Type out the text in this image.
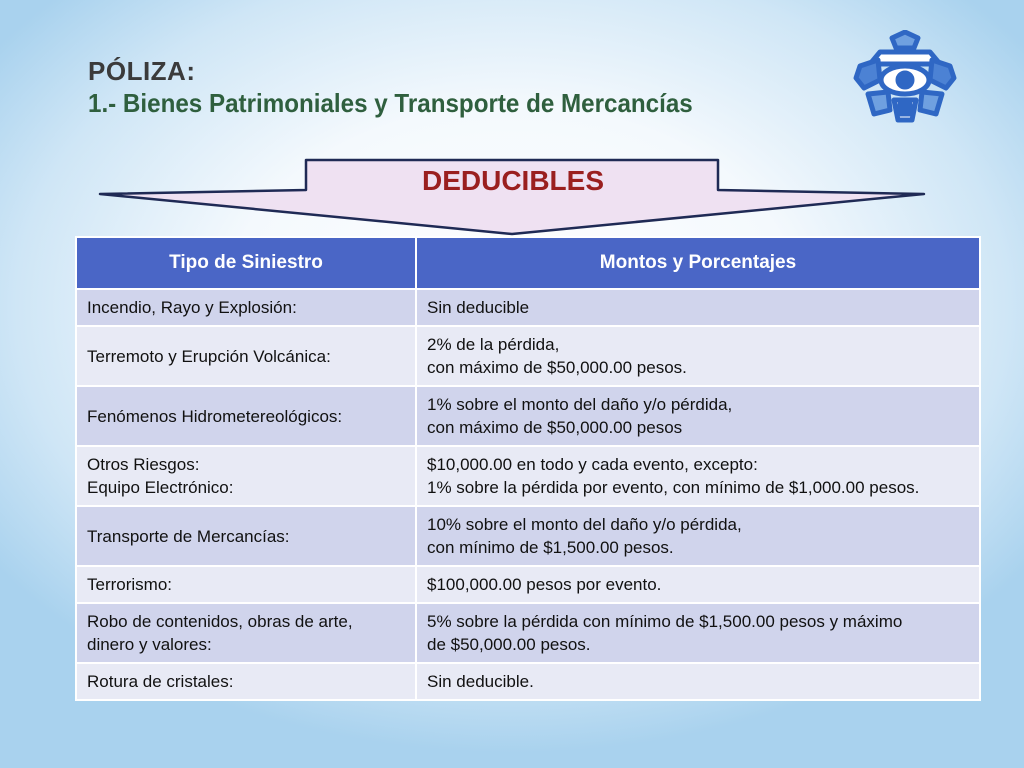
PÓLIZA:
1.- Bienes Patrimoniales y Transporte de Mercancías
DEDUCIBLES
Tipo de Siniestro	Montos y Porcentajes

Incendio, Rayo y Explosión:	Sin deducible

Terremoto y Erupción Volcánica:	2% de la pérdida,
con máximo de $50,000.00 pesos.

Fenómenos Hidrometereológicos:	1% sobre el monto del daño y/o pérdida,
con máximo de $50,000.00 pesos

Otros Riesgos:
Equipo Electrónico:	$10,000.00 en todo y cada evento, excepto:
1% sobre la pérdida por evento, con mínimo de $1,000.00 pesos.

Transporte de Mercancías:	10% sobre el monto del daño y/o pérdida,
con mínimo de $1,500.00 pesos.

Terrorismo:	$100,000.00 pesos por evento.

Robo de contenidos, obras de arte,
dinero y valores:	5% sobre la pérdida con mínimo de $1,500.00 pesos y máximo
de $50,000.00 pesos.

Rotura de cristales:	Sin deducible.
